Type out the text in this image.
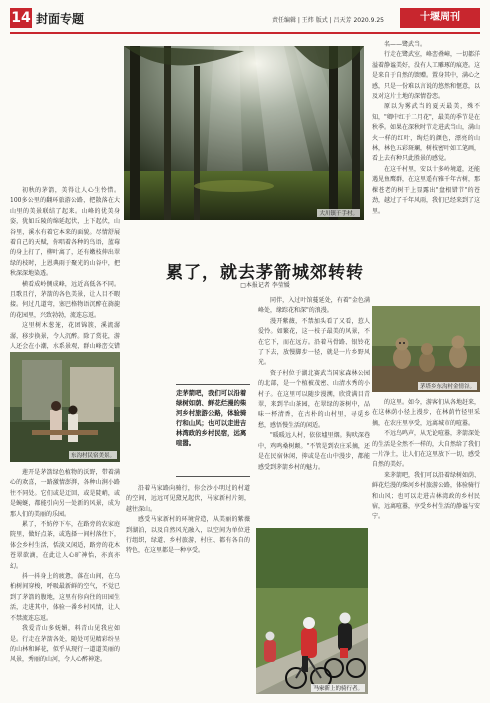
14 封面专题	责任编辑 | 王炜 版式 | 吕天芳 2020.9.25	十堰周刊
大川镇千手村。
累了，就去茅箭城郊转转
□本报记者 李莹媛

初秋的茅箭，美得让人心生怜惜。100多公里的翻环旅游公路，把散落在大山里的美景联结了起来。山峰的优美身姿，犹如丘陵的绵延起伏，上下起伏，山谷里，溪水有着它本来的面貌。尽情舒展着自己的天赋，你唱着各种的鸟语，蓝莓的身上打了，柳叶离了，还有嫩枝伸出翠绿的枝时，上恩典雨于聚光的山谷中，把秋深深地染透。

横看成岭侧成峰，远近高低各不同。且歌且行，茅箭的各色美景，让人目不暇接。何过几道弯，塞巴格物语沉醉在旖旎的花园里，兴致勃勃，流连忘返。

这里树木葱茏，花团锦簇，溪流潺潺，移步换景，令人沉醉。除了赏花，游人还会在小潮，水系景观，群山峰峦交错

东沟村民宿美景。

莲开是茅箭绿色植物的沃野，带着满心的欢喜，一路激情澎湃，各种山涧小路往不同处。它们或是迂回，或是陡峭，或是蜿蜒，都能引向另一处新的风景，成为那人们的美丽的乐园。

累了，不妨停下车，在路旁的农家庭院里，做好点茶，或选择一间村落住下，体会乡村生活，恬淡又闲适，路旁的花木苍翠欲滴，在此让人心旷神怡，亦真亦幻。

抖一抖身上的疲惫，落在山间，在乌桕树间穿梭，呼吸最新鲜的空气，不觉已到了茅箭的腹地，这里有你向往的田园生活，走进其中，体验一番乡村风情，让人不禁流连忘返。

我爱青山多妩媚，料青山见我应如是。行走在茅箭各处，随处可见精彩纷呈的山林和鲜花，似乎从现行一道道美丽的风景，秀丽的山河，令人心醉神迷。

走茅箭吧，我们可以沿着绿树如荫、鲜花烂漫的柴河乡村旅游公路，体验骑行和山风；也可以走进吉林湾政的乡村民宿，远离喧嚣。

同伴，入过叶馆蔓延处，有着"金色满峰处，缘踪花和深"的浪漫。

漫开紫薇，不禁加头看了又看，惹人爱怜。如繁花，这一枝子最美的风景，不在它下，而在远方。沿着马骨路、银铃花了下去，放慢脚步一径，就是一片乡野风光。

资子村位于湖北赛武当国家森林公园的北部，是一个植被茂密、山清水秀的小村子。在这里可以随步漫溯，欣赏满目青翠，来到半山茶园，在翠绿的茶树中，品味一杯清香，在古朴的山村里，寻觅乡愁，感悟慢生活的闲适。

"暖暖远人村，依依墟里烟。狗吠深巷中，鸡鸣桑树颠。"不管是到农庄采摘，还是在民宿休闲，抑或是在山中漫步，都能感受到茅箭乡村的魅力。

马家新上的骑行者。

沿着马家路向骑行，你会沙小明过的村道的空间，远远可见黛兄起伏，马家新村片刻，越往深山。

感受马家新村的环境营造，从美丽的紫薇到湖泊，以及自然风光融入，以空间为单位进行组织，绿道、乡村旅游，村庄、都有各自的特色，在这里都是一种享受。

名——鹭武当。

行走在鹭武室，峰峦叠嶂，一切都洋溢着静谧美好，没有人工雕琢的痕迹。这是来自于自然的馈赠。置身其中，满心之感，只是一份难以言说的悠然和惬意，以及对这片土地的深情眷恋。

原以为雾武当的夏天最美，殊不知，"卿中红于二月花"，最美的季节是在秋季。如果在深秋时节走进武当山，满山火一样的红叶，绚烂的颜色，漂亮的山林，林色五彩斑斓，树枝密叶如工笔画，看上去有种只此胜景的感觉。

在这千村里，安以十多岭境道，还能遇见鱼鹰群，在这里遥有雅千年古树，那棵苍老的树干上显露出"盘根错节"的苍劲，越过了千年风雨，我们已经来到了这里。

茅塔乡东沟村金情谷。

的这里。如今，游客们从各地赶来，在这林荫小径上漫步，在林荫竹径里采摘，在农庄里享受，远离城市的喧嚣。

不远鸟鸣声，从无论喧嚣，茅箭深处的生活是全然不一样的，大自然给了我们一片净土，让人们在这里放下一切，感受自然的美好。

来茅箭吧，我们可以沿着绿树如荫、鲜花烂漫的柴河乡村旅游公路，体验骑行和山风；也可以走进吉林湾政的乡村民宿，远离喧嚣，享受乡村生活的静谧与安宁。
